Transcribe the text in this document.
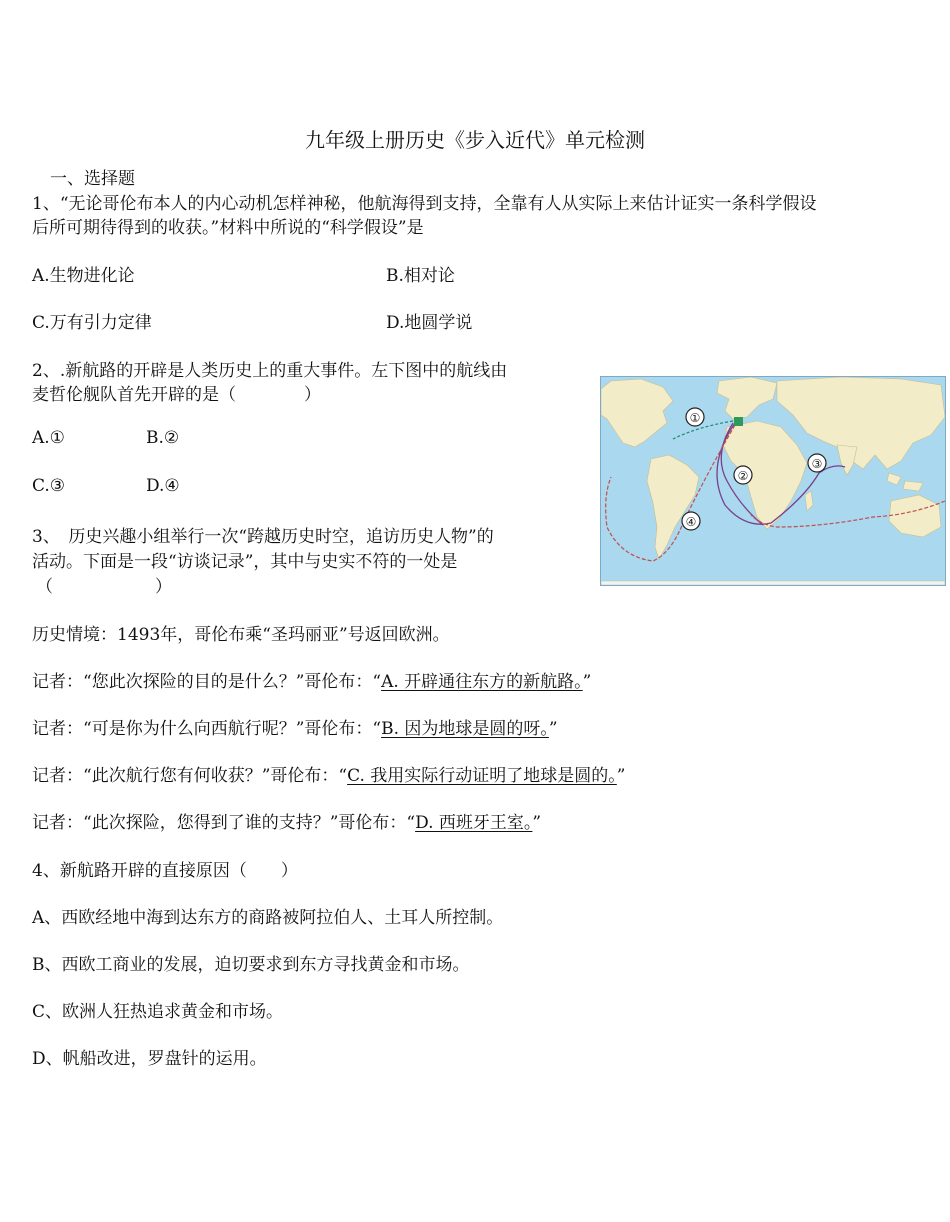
九年级上册历史《步入近代》单元检测
一、选择题
1、“无论哥伦布本人的内心动机怎样神秘，他航海得到支持，全靠有人从实际上来估计证实一条科学假设
后所可期待得到的收获。”材料中所说的“科学假设”是
A.生物进化论	B.相对论
C.万有引力定律	D.地圆学说
2、.新航路的开辟是人类历史上的重大事件。左下图中的航线由
麦哲伦舰队首先开辟的是（　　　　）
A.①	B.②
C.③	D.④
①
②
③
④
3、　历史兴趣小组举行一次“跨越历史时空，追访历史人物”的
活动。下面是一段“访谈记录”，其中与史实不符的一处是
（　　　　　　）
历史情境：1493年，哥伦布乘“圣玛丽亚”号返回欧洲。
记者：“您此次探险的目的是什么？”哥伦布：“A. 开辟通往东方的新航路。”
记者：“可是你为什么向西航行呢？”哥伦布：“B. 因为地球是圆的呀。”
记者：“此次航行您有何收获？”哥伦布：“C. 我用实际行动证明了地球是圆的。”
记者：“此次探险，您得到了谁的支持？”哥伦布：“D. 西班牙王室。”
4、新航路开辟的直接原因（　　）
A、西欧经地中海到达东方的商路被阿拉伯人、土耳人所控制。
B、西欧工商业的发展，迫切要求到东方寻找黄金和市场。
C、欧洲人狂热追求黄金和市场。
D、帆船改进，罗盘针的运用。
